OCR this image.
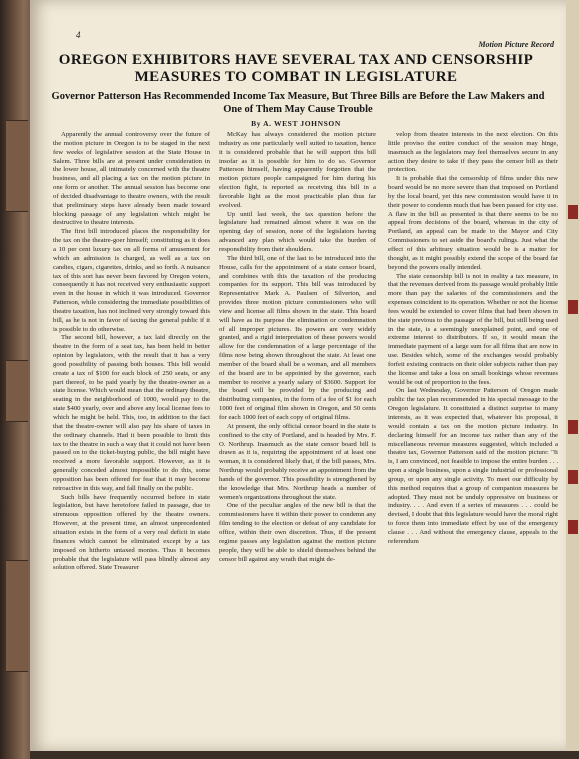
4
Motion Picture Record
OREGON EXHIBITORS HAVE SEVERAL TAX AND CENSORSHIP MEASURES TO COMBAT IN LEGISLATURE
Governor Patterson Has Recommended Income Tax Measure, But Three Bills are Before the Law Makers and One of Them May Cause Trouble
By A. WEST JOHNSON

Apparently the annual controversy over the future of the motion picture in Oregon is to be staged in the next few weeks of legislative session at the State House in Salem. Three bills are at present under consideration in the lower house, all intimately concerned with the theatre business, and all placing a tax on the motion picture in one form or another. The annual session has become one of decided disadvantage to theatre owners, with the result that preliminary steps have already been made toward blocking passage of any legislation which might be destructive to theatre interests.

The first bill introduced places the responsibility for the tax on the theatre-goer himself; constituting as it does a 10 per cent luxury tax on all forms of amusement for which an admission is charged, as well as a tax on candies, cigars, cigarettes, drinks, and so forth. A nuisance tax of this sort has never been favored by Oregon voters, consequently it has not received very enthusiastic support even in the house in which it was introduced. Governor Patterson, while considering the immediate possibilities of theatre taxation, has not inclined very strongly toward this bill, as he is not in favor of taxing the general public if it is possible to do otherwise.

The second bill, however, a tax laid directly on the theatre in the form of a seat tax, has been held in better opinion by legislators, with the result that it has a very good possibility of passing both houses. This bill would create a tax of $100 for each block of 250 seats, or any part thereof, to be paid yearly by the theatre-owner as a state license. Which would mean that the ordinary theatre, seating in the neighborhood of 1000, would pay to the state $400 yearly, over and above any local license fees to which he might be held. This, too, in addition to the fact that the theatre-owner will also pay his share of taxes in the ordinary channels. Had it been possible to limit this tax to the theatre in such a way that it could not have been passed on to the ticket-buying public, the bill might have received a more favorable support. However, as it is generally conceded almost impossible to do this, some opposition has been offered for fear that it may become retroactive in this way, and fall finally on the public.

Such bills have frequently occurred before in state legislation, but have heretofore failed in passage, due to strenuous opposition offered by the theatre owners. However, at the present time, an almost unprecedented situation exists in the form of a very real deficit in state finances which cannot be eliminated except by a tax imposed on hitherto untaxed monies. Thus it becomes probable that the legislature will pass blindly almost any solution offered. State Treasurer

McKay has always considered the motion picture industry as one particularly well suited to taxation, hence it is considered probable that he will support this bill insofar as it is possible for him to do so. Governor Patterson himself, having apparently forgotten that the motion picture people campaigned for him during his election fight, is reported as receiving this bill in a favorable light as the most practicable plan thus far evolved.

Up until last week, the tax question before the legislature had remained almost where it was on the opening day of session, none of the legislators having advanced any plan which would take the burden of responsibility from their shoulders.

The third bill, one of the last to be introduced into the House, calls for the appointment of a state censor board, and combines with this the taxation of the producing companies for its support. This bill was introduced by Representative Mark A. Paulsen of Silverton, and provides three motion picture commissioners who will view and license all films shown in the state. This board will have as its purpose the elimination or condemnation of all improper pictures. Its powers are very widely granted, and a rigid interpretation of these powers would allow for the condemnation of a large percentage of the films now being shown throughout the state. At least one member of the board shall be a woman, and all members of the board are to be appointed by the governor, each member to receive a yearly salary of $3600. Support for the board will be provided by the producing and distributing companies, in the form of a fee of $1 for each 1000 feet of original film shown in Oregon, and 50 cents for each 1000 feet of each copy of original films.

At present, the only official censor board in the state is confined to the city of Portland, and is headed by Mrs. F. O. Northrup. Inasmuch as the state censor board bill is drawn as it is, requiring the appointment of at least one woman, it is considered likely that, if the bill passes, Mrs. Northrup would probably receive an appointment from the hands of the governor. This possibility is strengthened by the knowledge that Mrs. Northrup heads a number of women's organizations throughout the state.

One of the peculiar angles of the new bill is that the commissioners have it within their power to condemn any film tending to the election or defeat of any candidate for office, within their own discretion. Thus, if the present regime passes any legislation against the motion picture people, they will be able to shield themselves behind the censor bill against any wrath that might de-

velop from theatre interests in the next election. On this little proviso the entire conduct of the session may hinge, inasmuch as the legislators may feel themselves secure in any action they desire to take if they pass the censor bill as their protection.

It is probable that the censorship of films under this new board would be no more severe than that imposed on Portland by the local board, yet this new commission would have it in their power to condemn much that has been passed for city use. A flaw in the bill as presented is that there seems to be no appeal from decisions of the board, whereas in the city of Portland, an appeal can be made to the Mayor and City Commissioners to set aside the board's rulings. Just what the effect of this arbitrary situation would be is a matter for thought, as it might possibly extend the scope of the board far beyond the powers really intended.

The state censorship bill is not in reality a tax measure, in that the revenues derived from its passage would probably little more than pay the salaries of the commissioners and the expenses coincident to its operation. Whether or not the license fees would be extended to cover films that had been shown in the state previous to the passage of the bill, but still being used in the state, is a seemingly unexplained point, and one of extreme interest to distributors. If so, it would mean the immediate payment of a large sum for all films that are now in use. Besides which, some of the exchanges would probably forfeit existing contracts on their older subjects rather than pay the license and take a loss on small bookings whose revenues would be out of proportion to the fees.

On last Wednesday, Governor Patterson of Oregon made public the tax plan recommended in his special message to the Oregon legislature. It constituted a distinct surprise to many interests, as it was expected that, whatever his proposal, it would contain a tax on the motion picture industry. In declaring himself for an income tax rather than any of the miscellaneous revenue measures suggested, which included a theatre tax, Governor Patterson said of the motion picture: "It is, I am convinced, not feasible to impose the entire burden . . . upon a single business, upon a single industrial or professional group, or upon any single activity. To meet our difficulty by this method requires that a group of companion measures be adopted. They must not be unduly oppressive on business or industry. . . . And even if a series of measures . . . could be devised, I doubt that this legislature would have the moral right to force them into immediate effect by use of the emergency clause . . . And without the emergency clause, appeals to the referendum
